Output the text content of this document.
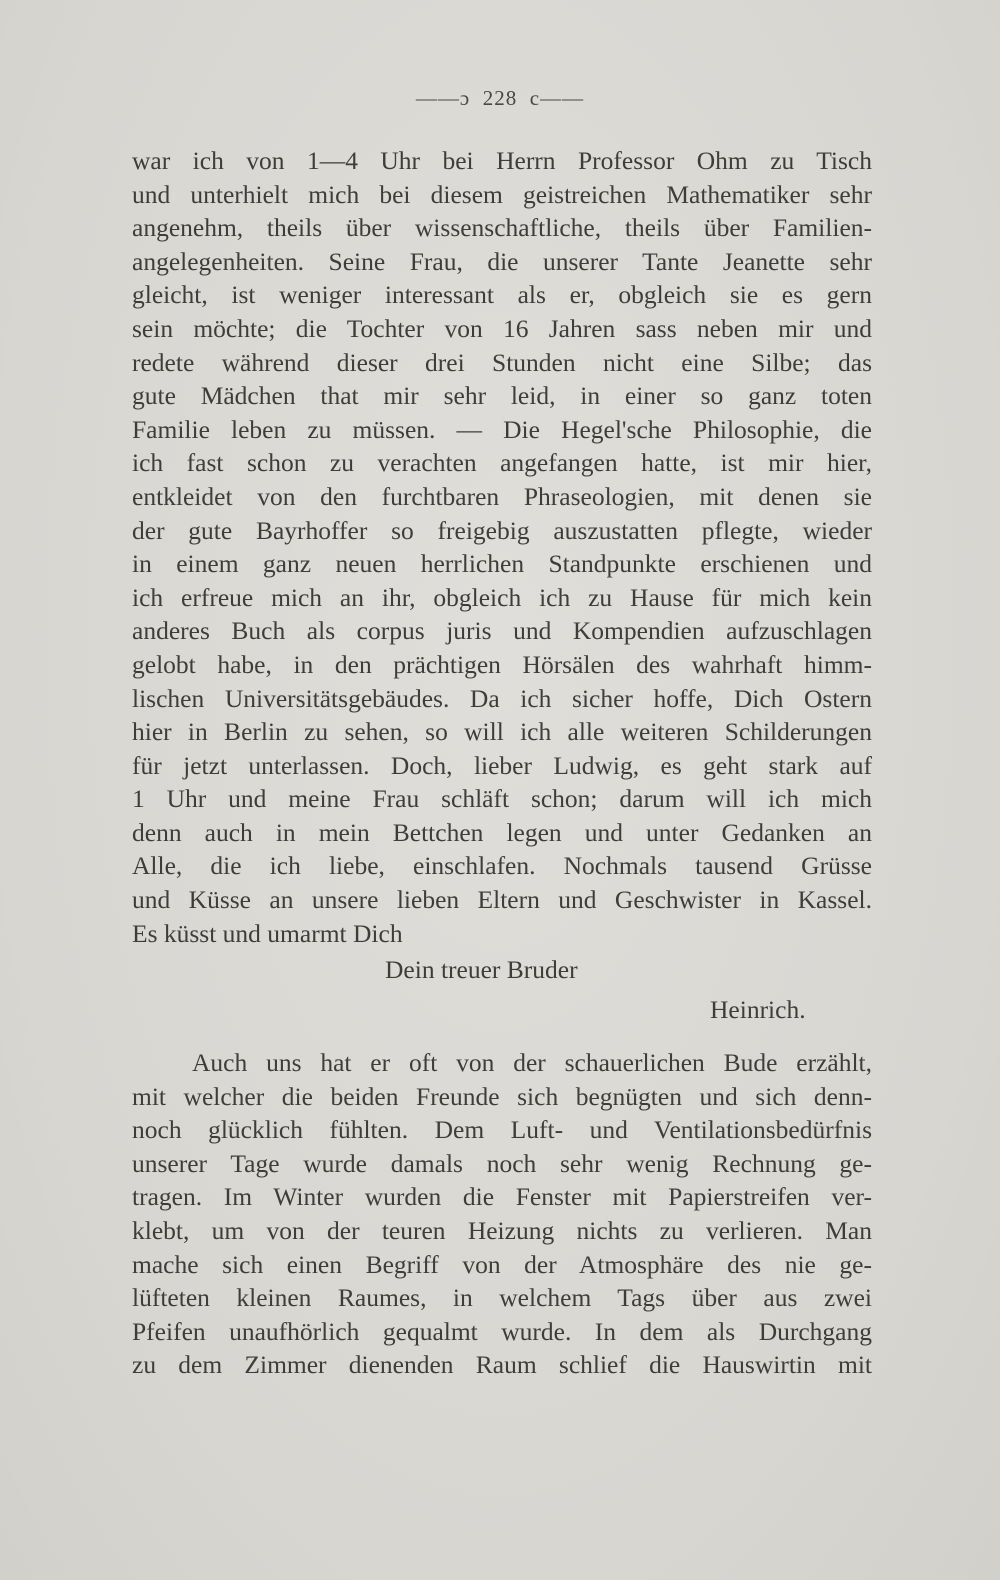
——ɔ 228 c——
war ich von 1—4 Uhr bei Herrn Professor Ohm zu Tisch
und unterhielt mich bei diesem geistreichen Mathematiker sehr
angenehm, theils über wissenschaftliche, theils über Familien-
angelegenheiten. Seine Frau, die unserer Tante Jeanette sehr
gleicht, ist weniger interessant als er, obgleich sie es gern
sein möchte; die Tochter von 16 Jahren sass neben mir und
redete während dieser drei Stunden nicht eine Silbe; das
gute Mädchen that mir sehr leid, in einer so ganz toten
Familie leben zu müssen. — Die Hegel'sche Philosophie, die
ich fast schon zu verachten angefangen hatte, ist mir hier,
entkleidet von den furchtbaren Phraseologien, mit denen sie
der gute Bayrhoffer so freigebig auszustatten pflegte, wieder
in einem ganz neuen herrlichen Standpunkte erschienen und
ich erfreue mich an ihr, obgleich ich zu Hause für mich kein
anderes Buch als corpus juris und Kompendien aufzuschlagen
gelobt habe, in den prächtigen Hörsälen des wahrhaft himm-
lischen Universitätsgebäudes. Da ich sicher hoffe, Dich Ostern
hier in Berlin zu sehen, so will ich alle weiteren Schilderungen
für jetzt unterlassen. Doch, lieber Ludwig, es geht stark auf
1 Uhr und meine Frau schläft schon; darum will ich mich
denn auch in mein Bettchen legen und unter Gedanken an
Alle, die ich liebe, einschlafen. Nochmals tausend Grüsse
und Küsse an unsere lieben Eltern und Geschwister in Kassel.
Es küsst und umarmt Dich
Dein treuer Bruder
Heinrich.
Auch uns hat er oft von der schauerlichen Bude erzählt,
mit welcher die beiden Freunde sich begnügten und sich denn-
noch glücklich fühlten. Dem Luft- und Ventilationsbedürfnis
unserer Tage wurde damals noch sehr wenig Rechnung ge-
tragen. Im Winter wurden die Fenster mit Papierstreifen ver-
klebt, um von der teuren Heizung nichts zu verlieren. Man
mache sich einen Begriff von der Atmosphäre des nie ge-
lüfteten kleinen Raumes, in welchem Tags über aus zwei
Pfeifen unaufhörlich gequalmt wurde. In dem als Durchgang
zu dem Zimmer dienenden Raum schlief die Hauswirtin mit
